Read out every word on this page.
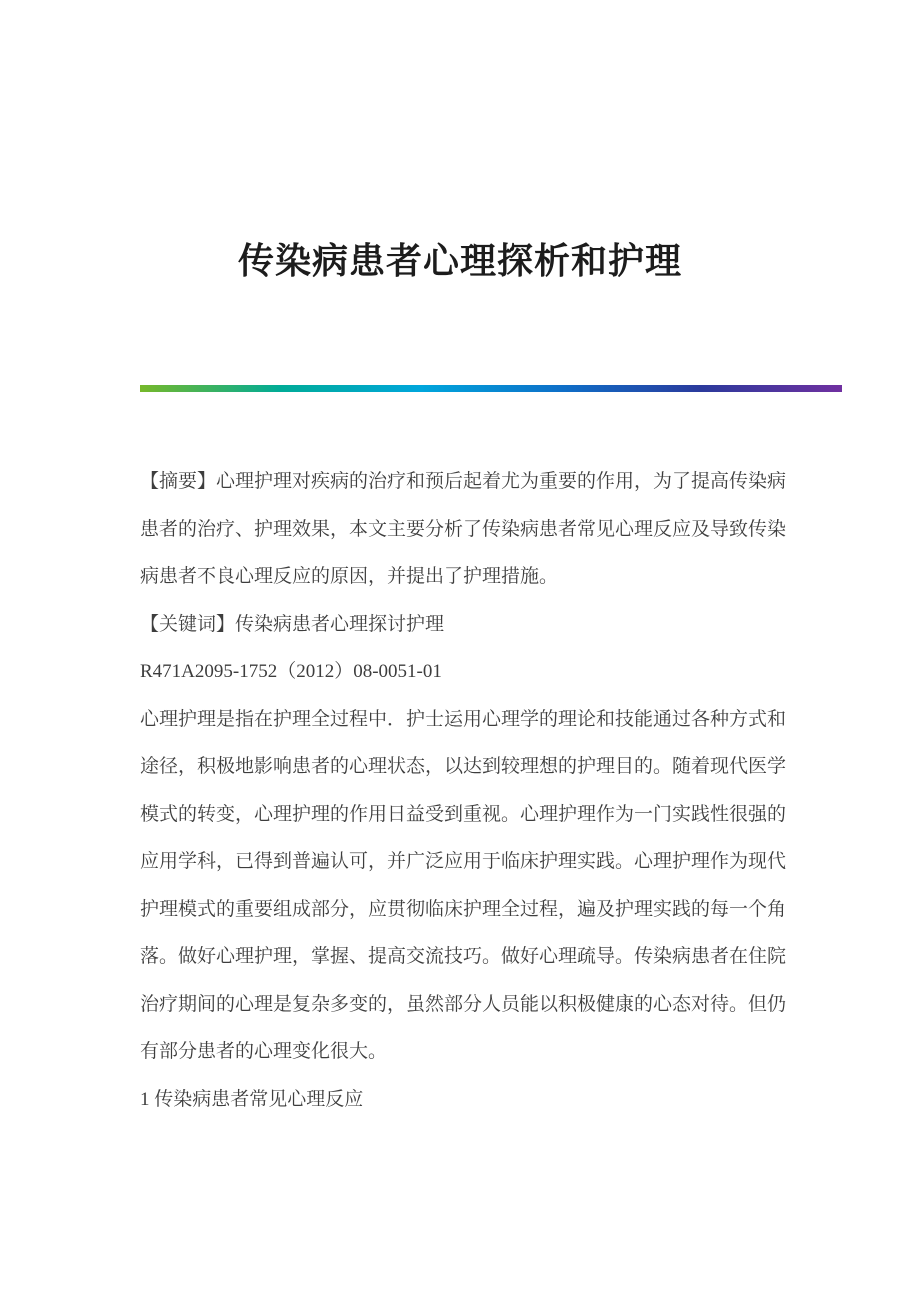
传染病患者心理探析和护理

【摘要】心理护理对疾病的治疗和预后起着尤为重要的作用，为了提高传染病患者的治疗、护理效果，本文主要分析了传染病患者常见心理反应及导致传染病患者不良心理反应的原因，并提出了护理措施。

【关键词】传染病患者心理探讨护理

R471A2095-1752（2012）08-0051-01

心理护理是指在护理全过程中．护士运用心理学的理论和技能通过各种方式和途径，积极地影响患者的心理状态，以达到较理想的护理目的。随着现代医学模式的转变，心理护理的作用日益受到重视。心理护理作为一门实践性很强的应用学科，已得到普遍认可，并广泛应用于临床护理实践。心理护理作为现代护理模式的重要组成部分，应贯彻临床护理全过程，遍及护理实践的每一个角落。做好心理护理，掌握、提高交流技巧。做好心理疏导。传染病患者在住院治疗期间的心理是复杂多变的，虽然部分人员能以积极健康的心态对待。但仍有部分患者的心理变化很大。

1 传染病患者常见心理反应
